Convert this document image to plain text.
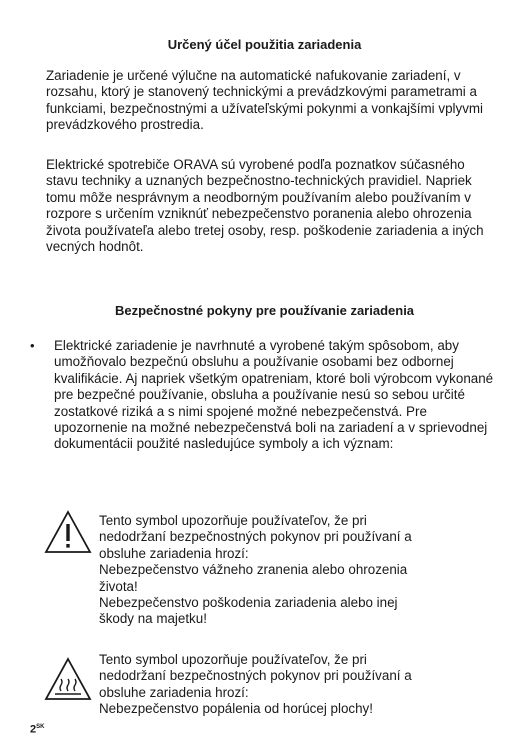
Určený účel použitia zariadenia

Zariadenie je určené výlučne na automatické nafukovanie zariadení, v rozsahu, ktorý je stanovený technickými a prevádzkovými parametrami a funkciami, bezpečnostnými a užívateľskými pokynmi a vonkajšími vplyvmi prevádzkového prostredia.

Elektrické spotrebiče ORAVA sú vyrobené podľa poznatkov súčasného stavu techniky a uznaných bezpečnostno-technických pravidiel. Napriek tomu môže nesprávnym a neodborným používaním alebo používaním v rozpore s určením vzniknúť nebezpečenstvo poranenia alebo ohrozenia života používateľa alebo tretej osoby, resp. poškodenie zariadenia a iných vecných hodnôt.

Bezpečnostné pokyny pre používanie zariadenia
• Elektrické zariadenie je navrhnuté a vyrobené takým spôsobom, aby umožňovalo bezpečnú obsluhu a používanie osobami bez odbornej kvalifikácie. Aj napriek všetkým opatreniam, ktoré boli výrobcom vykonané pre bezpečné používanie, obsluha a používanie nesú so sebou určité zostatkové riziká a s nimi spojené možné nebezpečenstvá. Pre upozornenie na možné nebezpečenstvá boli na zariadení a v sprievodnej dokumentácii použité nasledujúce symboly a ich význam:

Tento symbol upozorňuje používateľov, že pri
nedodržaní bezpečnostných pokynov pri používaní a
obsluhe zariadenia hrozí:
Nebezpečenstvo vážneho zranenia alebo ohrozenia
života!
Nebezpečenstvo poškodenia zariadenia alebo inej
škody na majetku!
Tento symbol upozorňuje používateľov, že pri
nedodržaní bezpečnostných pokynov pri používaní a
obsluhe zariadenia hrozí:
Nebezpečenstvo popálenia od horúcej plochy!
$2^{SK}$
